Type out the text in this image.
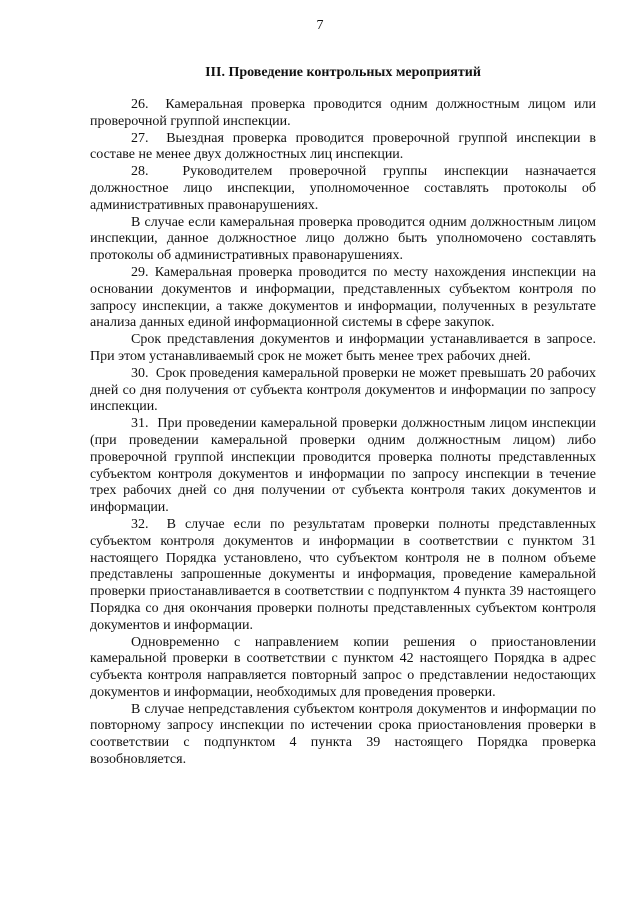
7
III. Проведение контрольных мероприятий

26.  Камеральная проверка проводится одним должностным лицом или проверочной группой инспекции.

27.  Выездная проверка проводится проверочной группой инспекции в составе не менее двух должностных лиц инспекции.

28.  Руководителем проверочной группы инспекции назначается должностное лицо инспекции, уполномоченное составлять протоколы об административных правонарушениях.

В случае если камеральная проверка проводится одним должностным лицом инспекции, данное должностное лицо должно быть уполномочено составлять протоколы об административных правонарушениях.

29. Камеральная проверка проводится по месту нахождения инспекции на основании документов и информации, представленных субъектом контроля по запросу инспекции, а также документов и информации, полученных в результате анализа данных единой информационной системы в сфере закупок.

Срок представления документов и информации устанавливается в запросе. При этом устанавливаемый срок не может быть менее трех рабочих дней.

30.  Срок проведения камеральной проверки не может превышать 20 рабочих дней со дня получения от субъекта контроля документов и информации по запросу инспекции.

31.  При проведении камеральной проверки должностным лицом инспекции (при проведении камеральной проверки одним должностным лицом) либо проверочной группой инспекции проводится проверка полноты представленных субъектом контроля документов и информации по запросу инспекции в течение трех рабочих дней со дня получении от субъекта контроля таких документов и информации.

32.  В случае если по результатам проверки полноты представленных субъектом контроля документов и информации в соответствии с пунктом 31 настоящего Порядка установлено, что субъектом контроля не в полном объеме представлены запрошенные документы и информация, проведение камеральной проверки приостанавливается в соответствии с подпунктом 4 пункта 39 настоящего Порядка со дня окончания проверки полноты представленных субъектом контроля документов и информации.

Одновременно с направлением копии решения о приостановлении камеральной проверки в соответствии с пунктом 42 настоящего Порядка в адрес субъекта контроля направляется повторный запрос о представлении недостающих документов и информации, необходимых для проведения проверки.

В случае непредставления субъектом контроля документов и информации по повторному запросу инспекции по истечении срока приостановления проверки в соответствии с подпунктом 4 пункта 39 настоящего Порядка проверка возобновляется.
